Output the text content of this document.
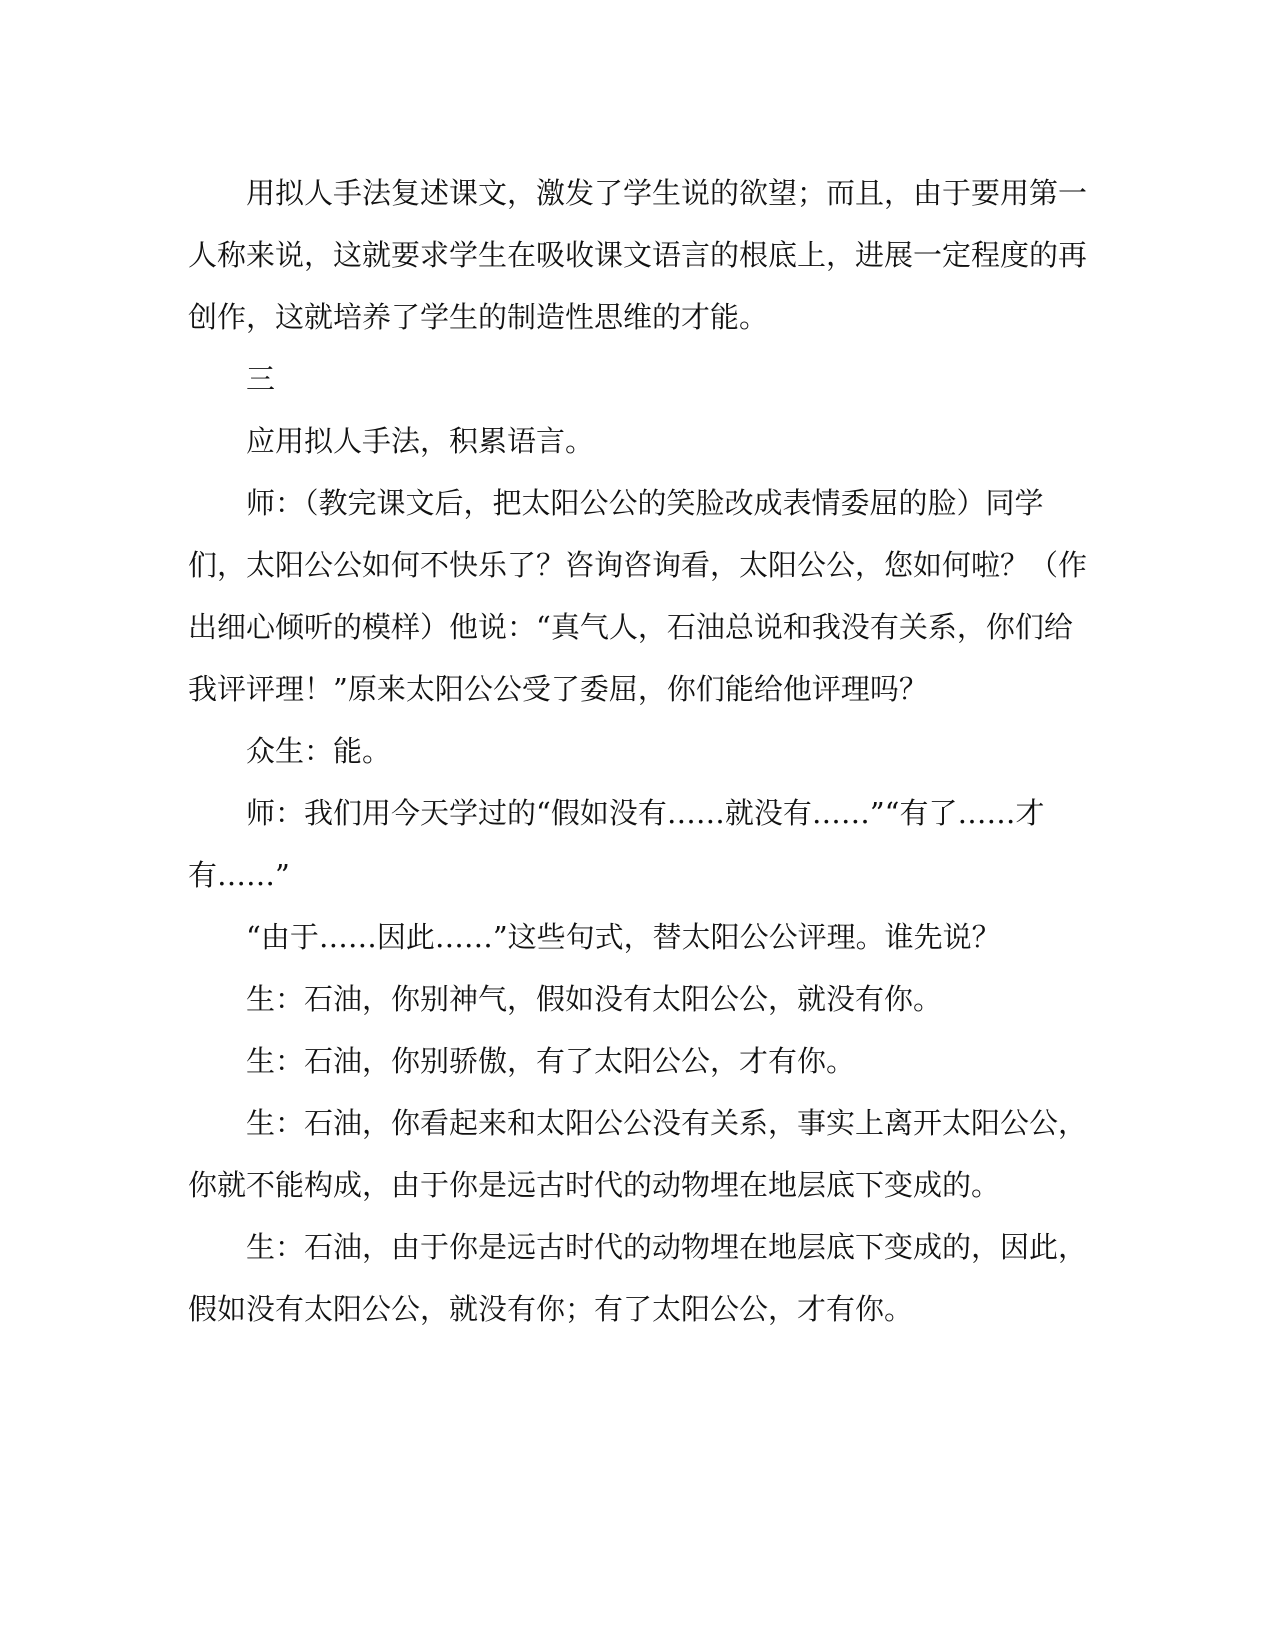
用拟人手法复述课文，激发了学生说的欲望；而且，由于要用第一人称来说，这就要求学生在吸收课文语言的根底上，进展一定程度的再创作，这就培养了学生的制造性思维的才能。

三

应用拟人手法，积累语言。

师：（教完课文后，把太阳公公的笑脸改成表情委屈的脸）同学们，太阳公公如何不快乐了？咨询咨询看，太阳公公，您如何啦？（作出细心倾听的模样）他说：“真气人，石油总说和我没有关系，你们给我评评理！”原来太阳公公受了委屈，你们能给他评理吗？

众生：能。

师：我们用今天学过的“假如没有……就没有……”“有了……才有……”

“由于……因此……”这些句式，替太阳公公评理。谁先说？

生：石油，你别神气，假如没有太阳公公，就没有你。

生：石油，你别骄傲，有了太阳公公，才有你。

生：石油，你看起来和太阳公公没有关系，事实上离开太阳公公，你就不能构成，由于你是远古时代的动物埋在地层底下变成的。

生：石油，由于你是远古时代的动物埋在地层底下变成的，因此，假如没有太阳公公，就没有你；有了太阳公公，才有你。
